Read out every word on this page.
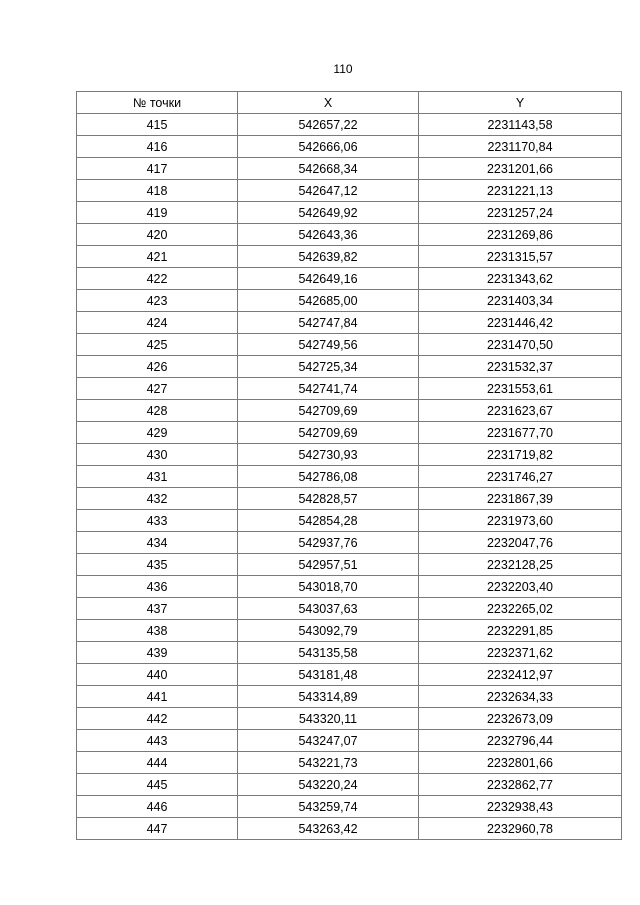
110
№ точки	X	Y
415	542657,22	2231143,58
416	542666,06	2231170,84
417	542668,34	2231201,66
418	542647,12	2231221,13
419	542649,92	2231257,24
420	542643,36	2231269,86
421	542639,82	2231315,57
422	542649,16	2231343,62
423	542685,00	2231403,34
424	542747,84	2231446,42
425	542749,56	2231470,50
426	542725,34	2231532,37
427	542741,74	2231553,61
428	542709,69	2231623,67
429	542709,69	2231677,70
430	542730,93	2231719,82
431	542786,08	2231746,27
432	542828,57	2231867,39
433	542854,28	2231973,60
434	542937,76	2232047,76
435	542957,51	2232128,25
436	543018,70	2232203,40
437	543037,63	2232265,02
438	543092,79	2232291,85
439	543135,58	2232371,62
440	543181,48	2232412,97
441	543314,89	2232634,33
442	543320,11	2232673,09
443	543247,07	2232796,44
444	543221,73	2232801,66
445	543220,24	2232862,77
446	543259,74	2232938,43
447	543263,42	2232960,78
